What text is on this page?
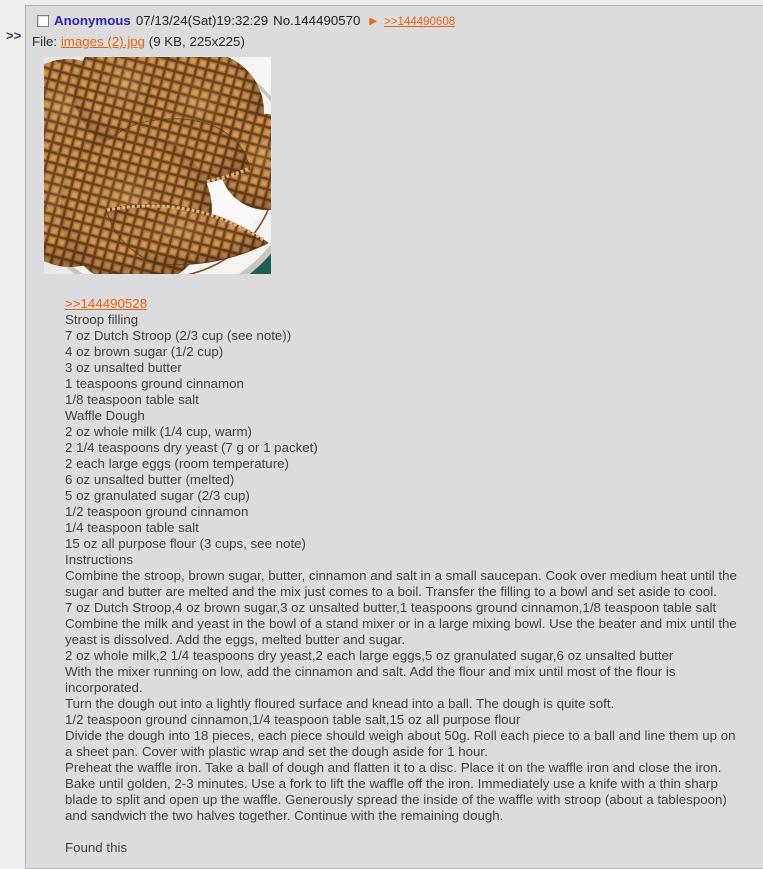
>>
Anonymous 07/13/24(Sat)19:32:29 No.144490570 ▶ >>144490608
File: images (2).jpg (9 KB, 225x225)
>>144490528
Stroop filling
7 oz Dutch Stroop (2/3 cup (see note))
4 oz brown sugar (1/2 cup)
3 oz unsalted butter
1 teaspoons ground cinnamon
1/8 teaspoon table salt
Waffle Dough
2 oz whole milk (1/4 cup, warm)
2 1/4 teaspoons dry yeast (7 g or 1 packet)
2 each large eggs (room temperature)
6 oz unsalted butter (melted)
5 oz granulated sugar (2/3 cup)
1/2 teaspoon ground cinnamon
1/4 teaspoon table salt
15 oz all purpose flour (3 cups, see note)
Instructions
Combine the stroop, brown sugar, butter, cinnamon and salt in a small saucepan. Cook over medium heat until the sugar and butter are melted and the mix just comes to a boil. Transfer the filling to a bowl and set aside to cool.
7 oz Dutch Stroop,4 oz brown sugar,3 oz unsalted butter,1 teaspoons ground cinnamon,1/8 teaspoon table salt
Combine the milk and yeast in the bowl of a stand mixer or in a large mixing bowl. Use the beater and mix until the yeast is dissolved. Add the eggs, melted butter and sugar.
2 oz whole milk,2 1/4 teaspoons dry yeast,2 each large eggs,5 oz granulated sugar,6 oz unsalted butter
With the mixer running on low, add the cinnamon and salt. Add the flour and mix until most of the flour is incorporated.
Turn the dough out into a lightly floured surface and knead into a ball. The dough is quite soft.
1/2 teaspoon ground cinnamon,1/4 teaspoon table salt,15 oz all purpose flour
Divide the dough into 18 pieces, each piece should weigh about 50g. Roll each piece to a ball and line them up on a sheet pan. Cover with plastic wrap and set the dough aside for 1 hour.
Preheat the waffle iron. Take a ball of dough and flatten it to a disc. Place it on the waffle iron and close the iron.
Bake until golden, 2-3 minutes. Use a fork to lift the waffle off the iron. Immediately use a knife with a thin sharp blade to split and open up the waffle. Generously spread the inside of the waffle with stroop (about a tablespoon) and sandwich the two halves together. Continue with the remaining dough.

Found this
